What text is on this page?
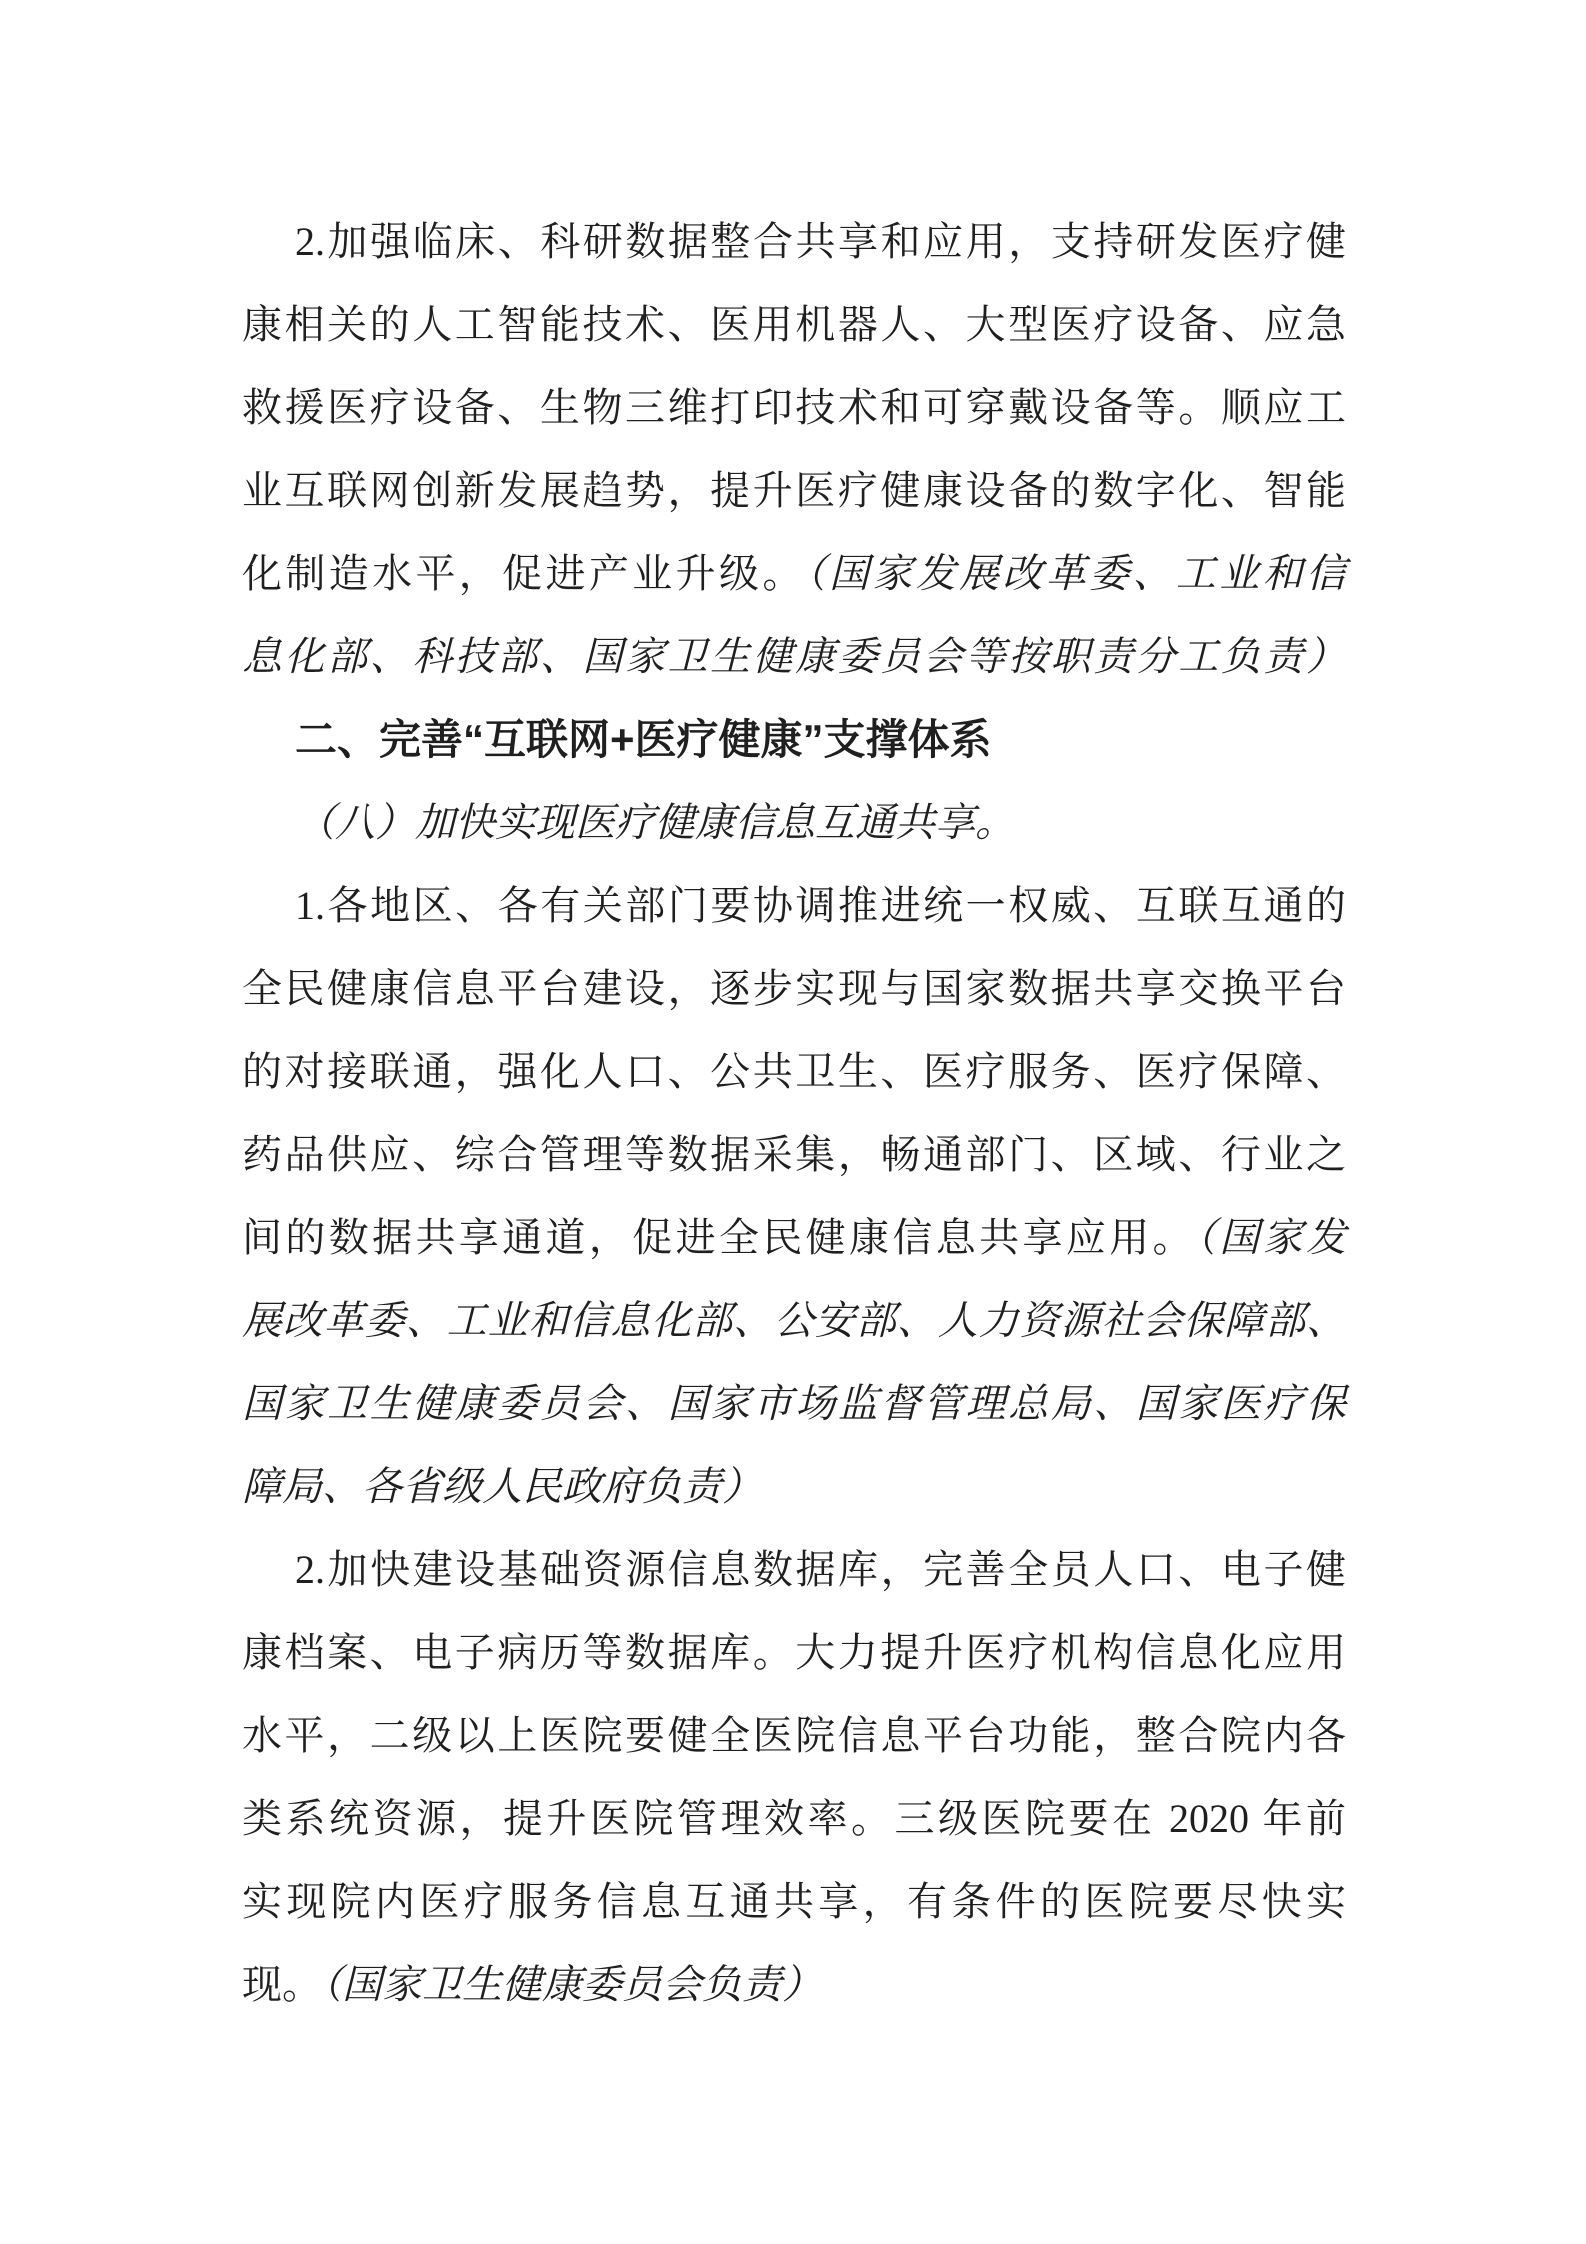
2.加强临床、科研数据整合共享和应用，支持研发医疗健
康相关的人工智能技术、医用机器人、大型医疗设备、应急
救援医疗设备、生物三维打印技术和可穿戴设备等。顺应工
业互联网创新发展趋势，提升医疗健康设备的数字化、智能
化制造水平，促进产业升级。（国家发展改革委、工业和信
息化部、科技部、国家卫生健康委员会等按职责分工负责）
二、完善“互联网+医疗健康”支撑体系
（八）加快实现医疗健康信息互通共享。
1.各地区、各有关部门要协调推进统一权威、互联互通的
全民健康信息平台建设，逐步实现与国家数据共享交换平台
的对接联通，强化人口、公共卫生、医疗服务、医疗保障、
药品供应、综合管理等数据采集，畅通部门、区域、行业之
间的数据共享通道，促进全民健康信息共享应用。（国家发
展改革委、工业和信息化部、公安部、人力资源社会保障部、
国家卫生健康委员会、国家市场监督管理总局、国家医疗保
障局、各省级人民政府负责）
2.加快建设基础资源信息数据库，完善全员人口、电子健
康档案、电子病历等数据库。大力提升医疗机构信息化应用
水平，二级以上医院要健全医院信息平台功能，整合院内各
类系统资源，提升医院管理效率。三级医院要在 2020 年前
实现院内医疗服务信息互通共享，有条件的医院要尽快实
现。（国家卫生健康委员会负责）
